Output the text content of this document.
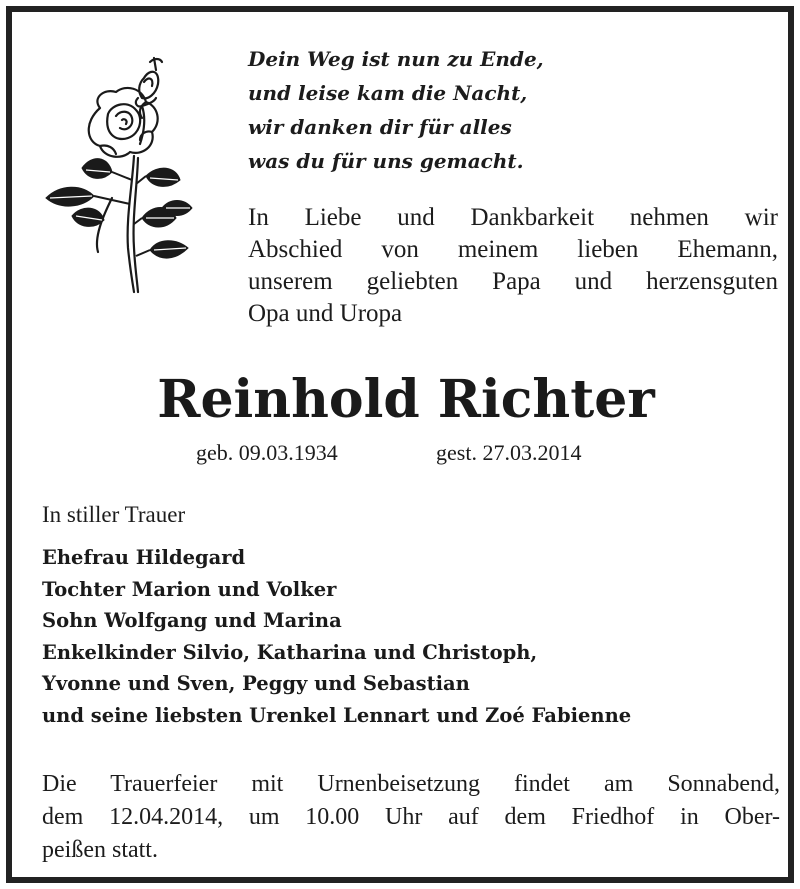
Dein Weg ist nun zu Ende,
und leise kam die Nacht,
wir danken dir für alles
was du für uns gemacht.
In Liebe und Dankbarkeit nehmen wir
Abschied von meinem lieben Ehemann,
unserem geliebten Papa und herzensguten
Opa und Uropa
Reinhold Richter
geb. 09.03.1934	gest. 27.03.2014
In stiller Trauer
Ehefrau Hildegard
Tochter Marion und Volker
Sohn Wolfgang und Marina
Enkelkinder Silvio, Katharina und Christoph,
Yvonne und Sven, Peggy und Sebastian
und seine liebsten Urenkel Lennart und Zoé Fabienne
Die Trauerfeier mit Urnenbeisetzung findet am Sonnabend,
dem 12.04.2014, um 10.00 Uhr auf dem Friedhof in Ober-
peißen statt.
